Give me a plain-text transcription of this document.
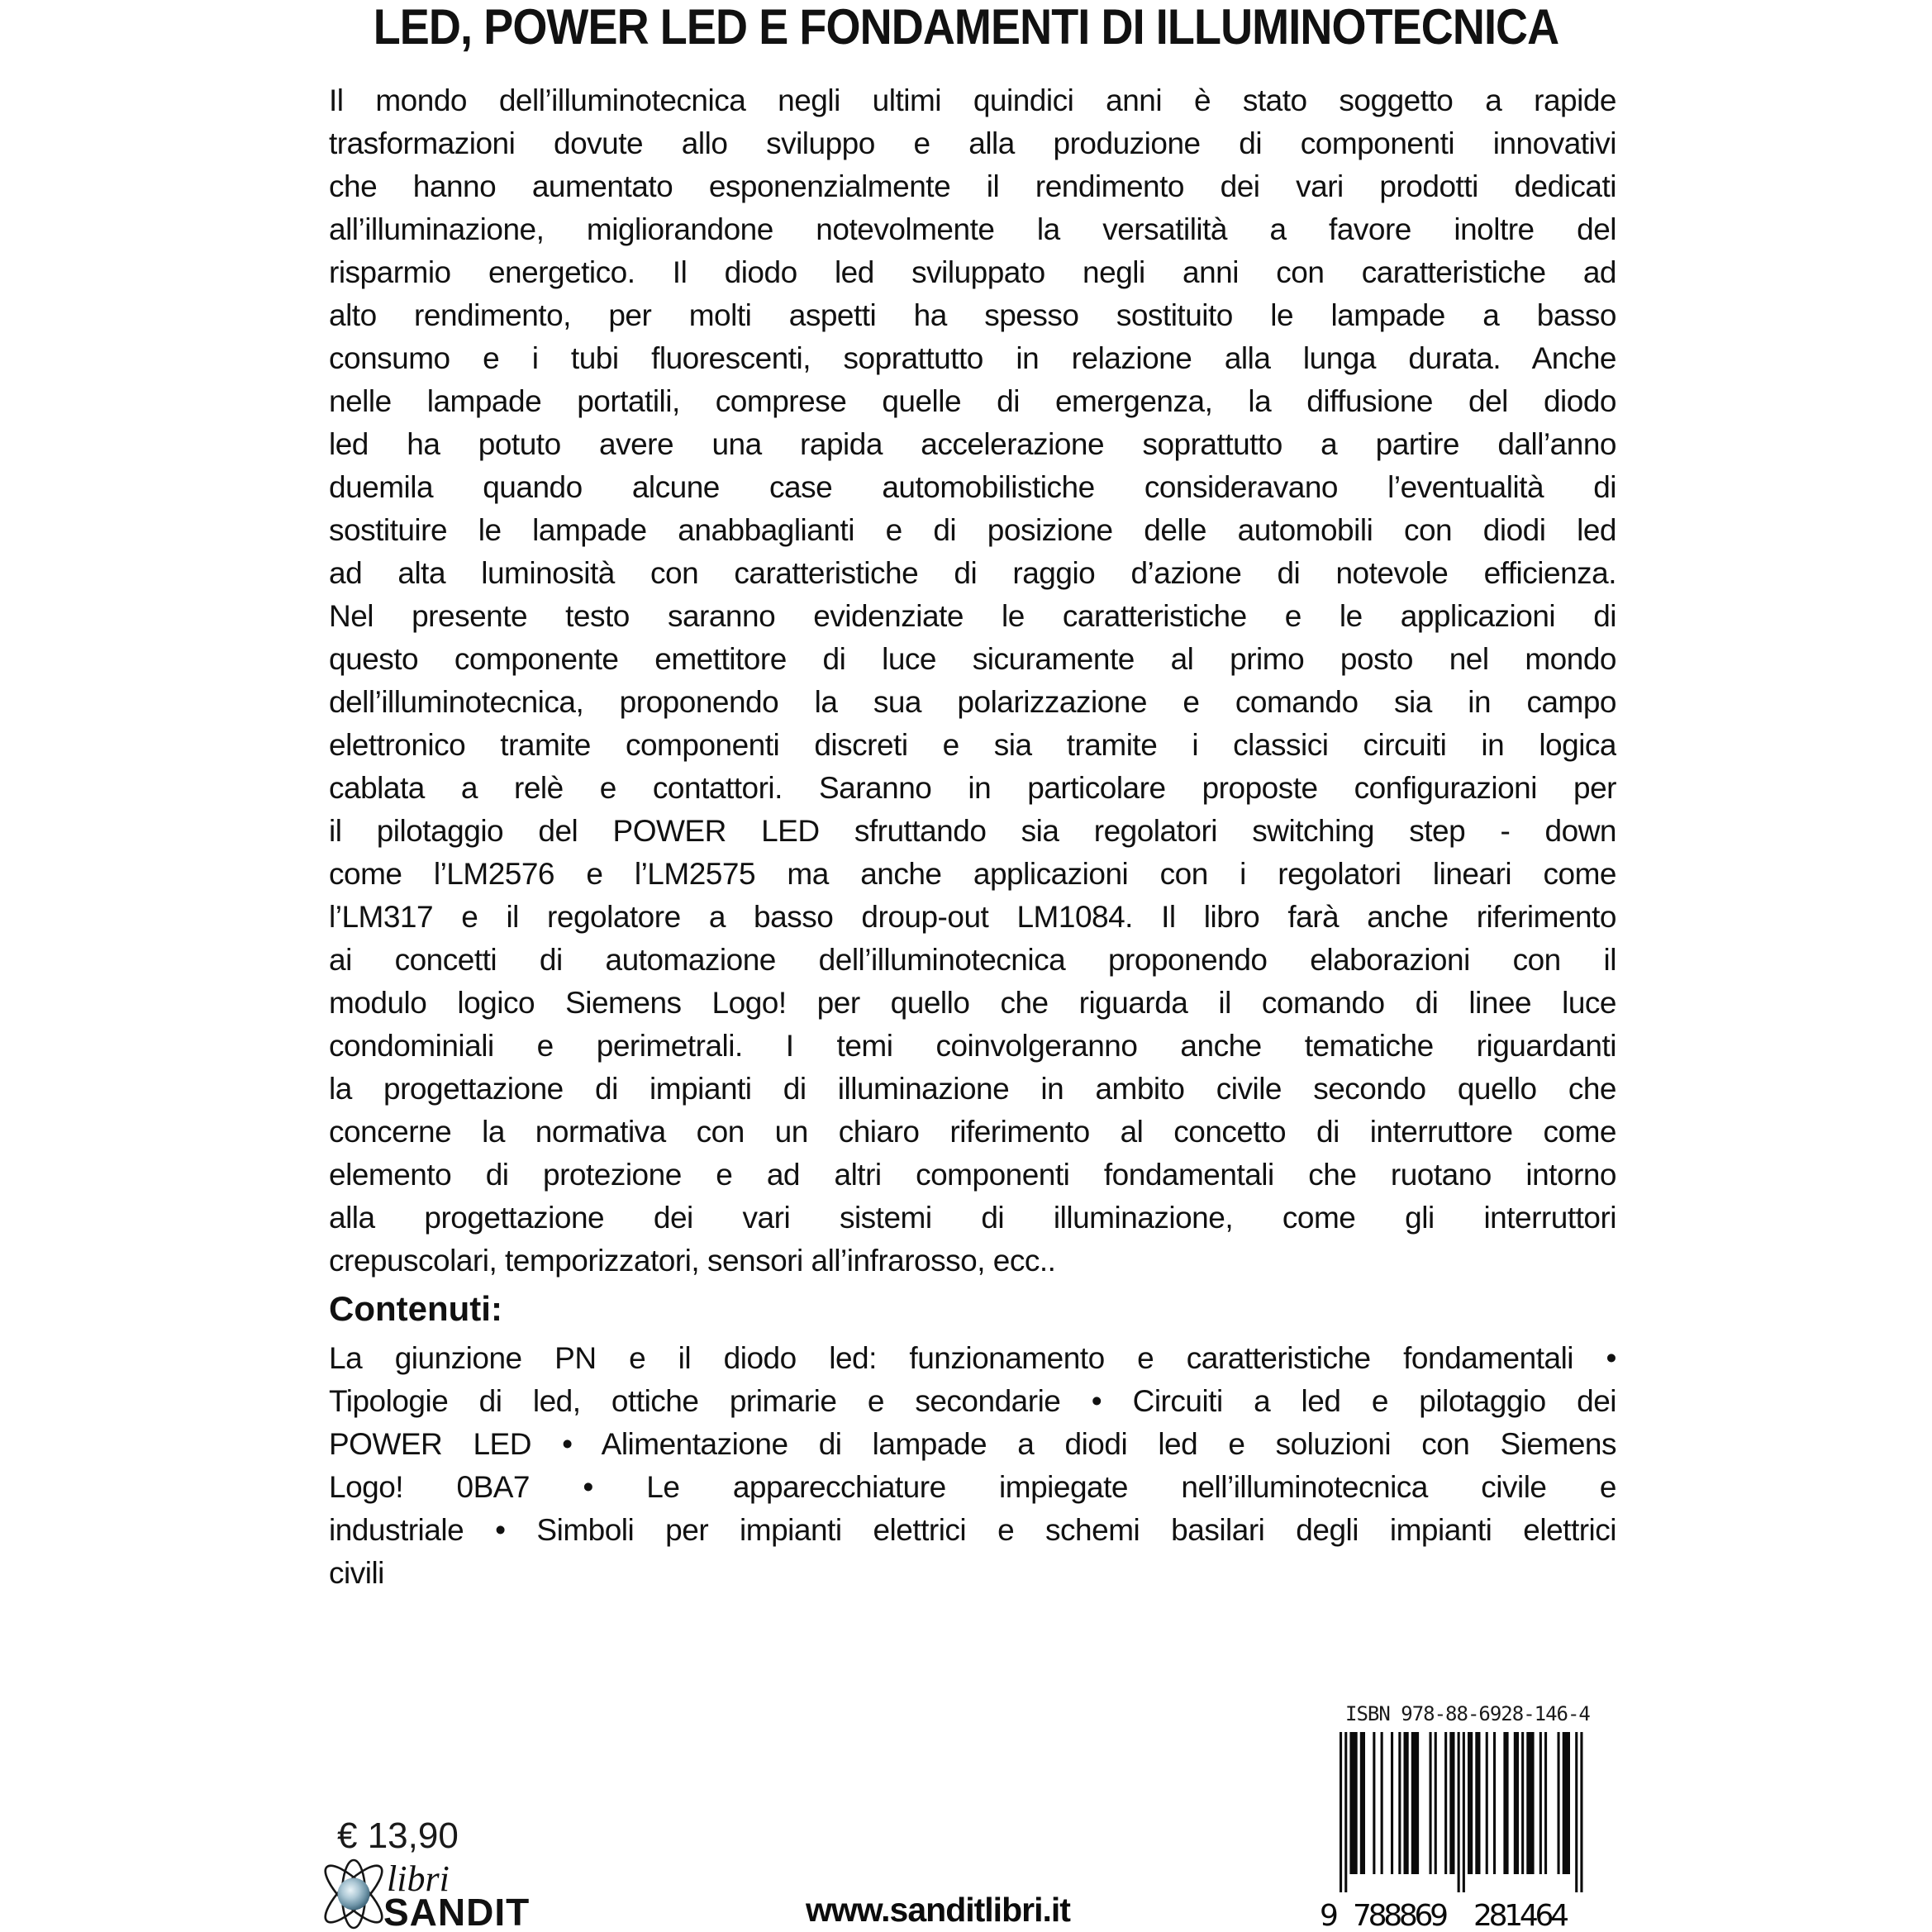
LED, POWER LED E FONDAMENTI DI ILLUMINOTECNICA
Il mondo dell’illuminotecnica negli ultimi quindici anni è stato soggetto a rapide
trasformazioni dovute allo sviluppo e alla produzione di componenti innovativi
che hanno aumentato esponenzialmente il rendimento dei vari prodotti dedicati
all’illuminazione, migliorandone notevolmente la versatilità a favore inoltre del
risparmio energetico. Il diodo led sviluppato negli anni con caratteristiche ad
alto rendimento, per molti aspetti ha spesso sostituito le lampade a basso
consumo e i tubi fluorescenti, soprattutto in relazione alla lunga durata. Anche
nelle lampade portatili, comprese quelle di emergenza, la diffusione del diodo
led ha potuto avere una rapida accelerazione soprattutto a partire dall’anno
duemila quando alcune case automobilistiche consideravano l’eventualità di
sostituire le lampade anabbaglianti e di posizione delle automobili con diodi led
ad alta luminosità con caratteristiche di raggio d’azione di notevole efficienza.
Nel presente testo saranno evidenziate le caratteristiche e le applicazioni di
questo componente emettitore di luce sicuramente al primo posto nel mondo
dell’illuminotecnica, proponendo la sua polarizzazione e comando sia in campo
elettronico tramite componenti discreti e sia tramite i classici circuiti in logica
cablata a relè e contattori. Saranno in particolare proposte configurazioni per
il pilotaggio del POWER LED sfruttando sia regolatori switching step - down
come l’LM2576 e l’LM2575 ma anche applicazioni con i regolatori lineari come
l’LM317 e il regolatore a basso droup-out LM1084. Il libro farà anche riferimento
ai concetti di automazione dell’illuminotecnica proponendo elaborazioni con il
modulo logico Siemens Logo! per quello che riguarda il comando di linee luce
condominiali e perimetrali. I temi coinvolgeranno anche tematiche riguardanti
la progettazione di impianti di illuminazione in ambito civile secondo quello che
concerne la normativa con un chiaro riferimento al concetto di interruttore come
elemento di protezione e ad altri componenti fondamentali che ruotano intorno
alla progettazione dei vari sistemi di illuminazione, come gli interruttori
crepuscolari, temporizzatori, sensori all’infrarosso, ecc..
Contenuti:
La giunzione PN e il diodo led: funzionamento e caratteristiche fondamentali •
Tipologie di led, ottiche primarie e secondarie • Circuiti a led e pilotaggio dei
POWER LED • Alimentazione di lampade a diodi led e soluzioni con Siemens
Logo! 0BA7 • Le apparecchiature impiegate nell’illuminotecnica civile e
industriale • Simboli per impianti elettrici e schemi basilari degli impianti elettrici
civili
€ 13,90
libri
SANDIT	www.sanditlibri.it
ISBN 978-88-6928-146-4
9 788869 281464
